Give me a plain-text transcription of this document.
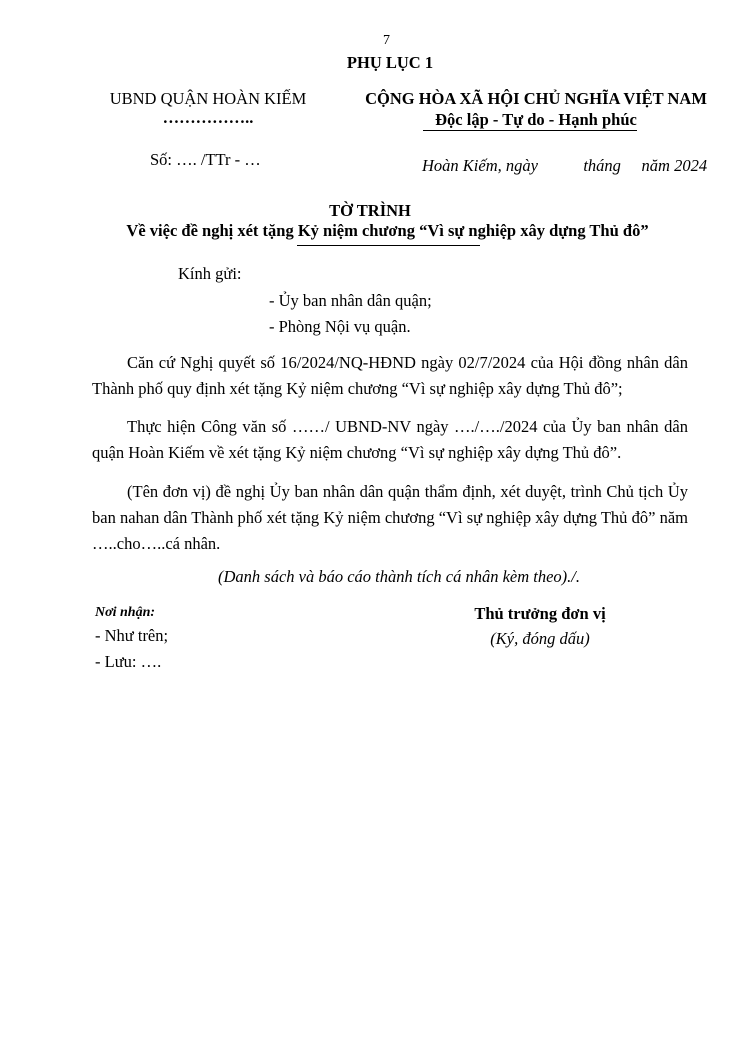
7
PHỤ LỤC 1
UBND QUẬN HOÀN KIẾM
……………..
Số: …. /TTr - …
CỘNG HÒA XÃ HỘI CHỦ NGHĨA VIỆT NAM
Độc lập - Tự do - Hạnh phúc
Hoàn Kiếm, ngày           tháng     năm 2024
TỜ TRÌNH
Về việc đề nghị xét tặng Kỷ niệm chương “Vì sự nghiệp xây dựng Thủ đô”
Kính gửi:
- Ủy ban nhân dân quận;
- Phòng Nội vụ quận.
Căn cứ Nghị quyết số 16/2024/NQ-HĐND ngày 02/7/2024 của Hội đồng nhân dân Thành phố quy định xét tặng Kỷ niệm chương “Vì sự nghiệp xây dựng Thủ đô”;
Thực hiện Công văn số ……/ UBND-NV ngày …./…./2024 của Ủy ban nhân dân quận Hoàn Kiếm về xét tặng Kỷ niệm chương “Vì sự nghiệp xây dựng Thủ đô”.
(Tên đơn vị) đề nghị Ủy ban nhân dân quận thẩm định, xét duyệt, trình Chủ tịch Ủy ban nahan dân Thành phố xét tặng Kỷ niệm chương “Vì sự nghiệp xây dựng Thủ đô” năm …..cho…..cá nhân.
(Danh sách và báo cáo thành tích cá nhân kèm theo)./.
Nơi nhận:
- Như trên;
- Lưu: ….
Thủ trưởng đơn vị
(Ký, đóng dấu)
